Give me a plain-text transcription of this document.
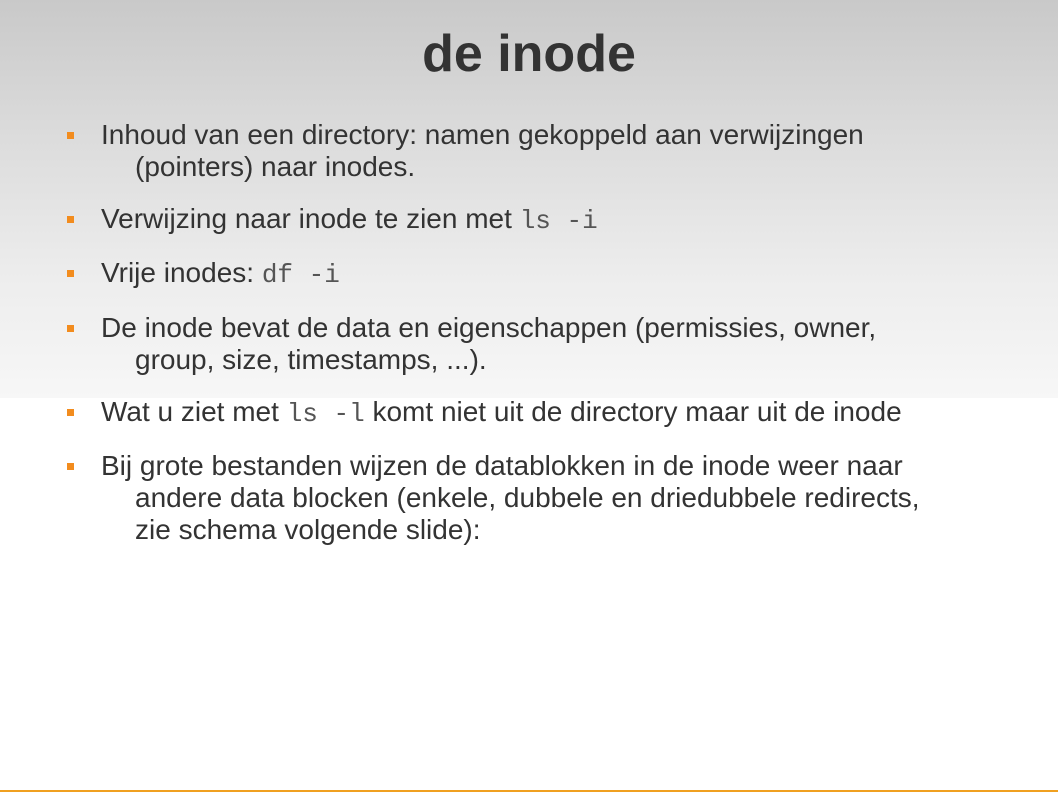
de inode
Inhoud van een directory: namen gekoppeld aan verwijzingen
(pointers) naar inodes.
Verwijzing naar inode te zien met ls -i
Vrije inodes: df -i
De inode bevat de data en eigenschappen (permissies, owner,
group, size, timestamps, ...).
Wat u ziet met ls -l komt niet uit de directory maar uit de inode
Bij grote bestanden wijzen de datablokken in de inode weer naar
andere data blocken (enkele, dubbele en driedubbele redirects,
zie schema volgende slide):
